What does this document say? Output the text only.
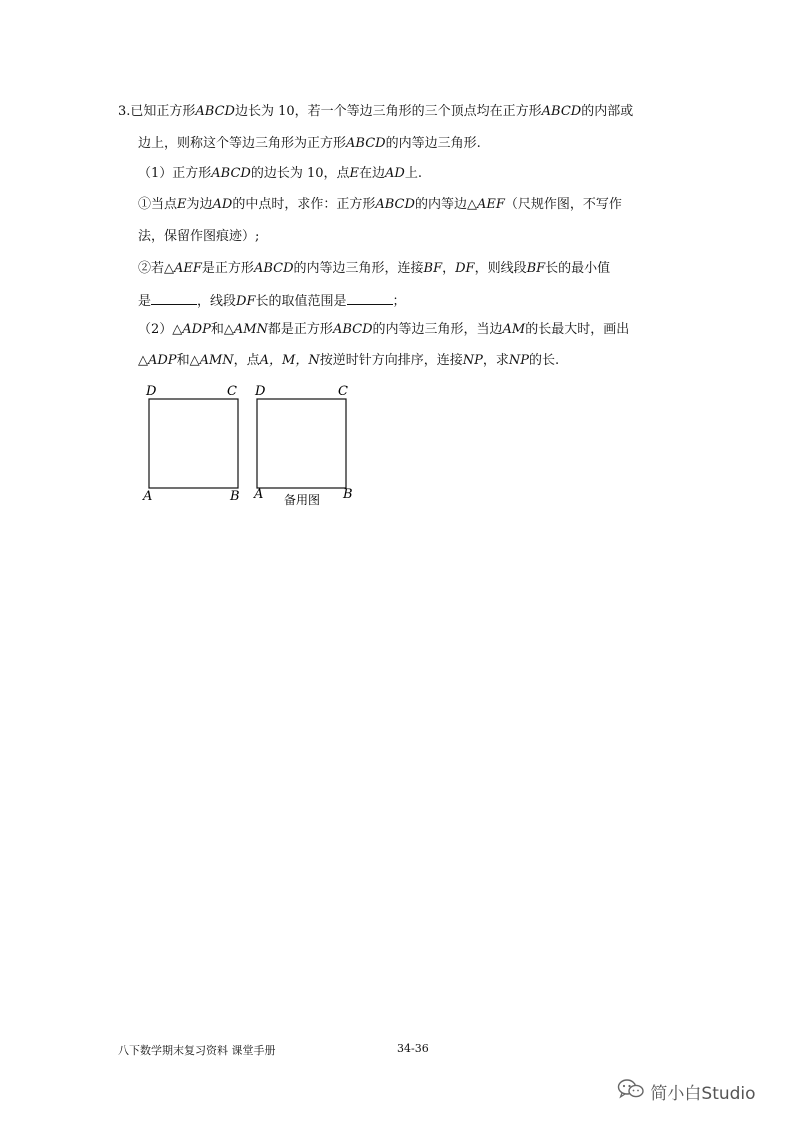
3.已知正方形ABCD边长为 10，若一个等边三角形的三个顶点均在正方形ABCD的内部或
边上，则称这个等边三角形为正方形ABCD的内等边三角形.
（1）正方形ABCD的边长为 10，点E在边AD上.
①当点E为边AD的中点时，求作：正方形ABCD的内等边△AEF（尺规作图，不写作
法，保留作图痕迹）;
②若△AEF是正方形ABCD的内等边三角形，连接BF，DF，则线段BF长的最小值
是	，线段DF长的取值范围是	；
（2）△ADP和△AMN都是正方形ABCD的内等边三角形，当边AM的长最大时，画出
△ADP和△AMN，点A，M，N按逆时针方向排序，连接NP，求NP的长.
D	C
A	B
D	C
A	B
备用图
八下数学期末复习资料 课堂手册	34-36
简小白Studio
